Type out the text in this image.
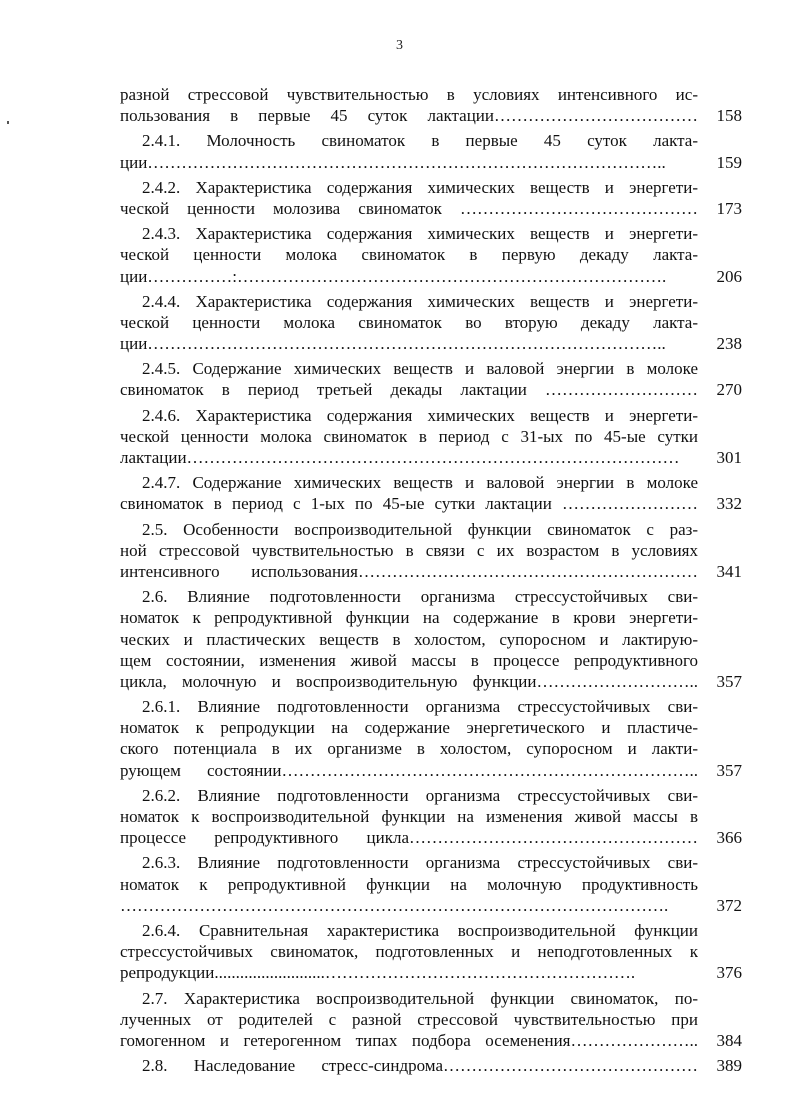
3
разной стрессовой чувствительностью в условиях интенсивного ис-
пользования в первые 45 суток лактации………………………………	158
2.4.1. Молочность свиноматок в первые 45 суток лакта-
ции………………………………………………………………………………..	159
2.4.2. Характеристика содержания химических веществ и энергети-
ческой ценности молозива свиноматок ……………………………………	173
2.4.3. Характеристика содержания химических веществ и энергети-
ческой ценности молока свиноматок в первую декаду лакта-
ции……………:………………………………………………………………….	206
2.4.4. Характеристика содержания химических веществ и энергети-
ческой ценности молока свиноматок во вторую декаду лакта-
ции………………………………………………………………………………..	238
2.4.5. Содержание химических веществ и валовой энергии в молоке
свиноматок в период третьей декады лактации ………………………	270
2.4.6. Характеристика содержания химических веществ и энергети-
ческой ценности молока свиноматок в период с 31-ых по 45-ые сутки
лактации……………………………………………………………………………	301
2.4.7. Содержание химических веществ и валовой энергии в молоке
свиноматок в период с 1-ых по 45-ые сутки лактации ……………………	332
2.5. Особенности воспроизводительной функции свиноматок с раз-
ной стрессовой чувствительностью в связи с их возрастом в условиях
интенсивного использования……………………………………………………	341
2.6. Влияние подготовленности организма стрессустойчивых сви-
номаток к репродуктивной функции на содержание в крови энергети-
ческих и пластических веществ в холостом, супоросном и лактирую-
щем состоянии, изменения живой массы в процессе репродуктивного
цикла, молочную и воспроизводительную функции………………………..	357
2.6.1. Влияние подготовленности организма стрессустойчивых сви-
номаток к репродукции на содержание энергетического и пластиче-
ского потенциала в их организме в холостом, супоросном и лакти-
рующем состоянии………………………………………………………………..	357
2.6.2. Влияние подготовленности организма стрессустойчивых сви-
номаток к воспроизводительной функции на изменения живой массы в
процессе репродуктивного цикла……………………………………………	366
2.6.3. Влияние подготовленности организма стрессустойчивых сви-
номаток к репродуктивной функции на молочную продуктивность
…………………………………………………………………………………….	372
2.6.4. Сравнительная характеристика воспроизводительной функции
стрессустойчивых свиноматок, подготовленных и неподготовленных к
репродукции..........................……………………………………………….	376
2.7. Характеристика воспроизводительной функции свиноматок, по-
лученных от родителей с разной стрессовой чувствительностью при
гомогенном и гетерогенном типах подбора осеменения…………………..	384
2.8. Наследование стресс-синдрома………………………………………	389
